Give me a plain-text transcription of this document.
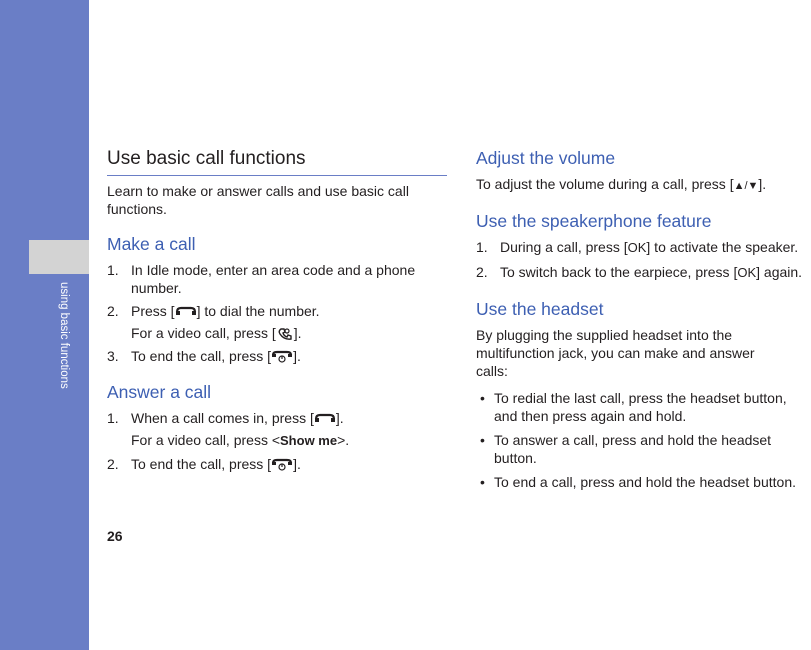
using basic functions
26
Use basic call functions

Learn to make or answer calls and use basic call functions.

Make a call
1. In Idle mode, enter an area code and a phone number.
2. Press [ ] to dial the number.
For a video call, press [ ].
3. To end the call, press [ ].
Answer a call
1. When a call comes in, press [ ].
For a video call, press <Show me>.
2. To end the call, press [ ].
Adjust the volume

To adjust the volume during a call, press [▲/▼].

Use the speakerphone feature
1. During a call, press [OK] to activate the speaker.
2. To switch back to the earpiece, press [OK] again.
Use the headset

By plugging the supplied headset into the multifunction jack, you can make and answer calls:

• To redial the last call, press the headset button, and then press again and hold.
• To answer a call, press and hold the headset button.
• To end a call, press and hold the headset button.
